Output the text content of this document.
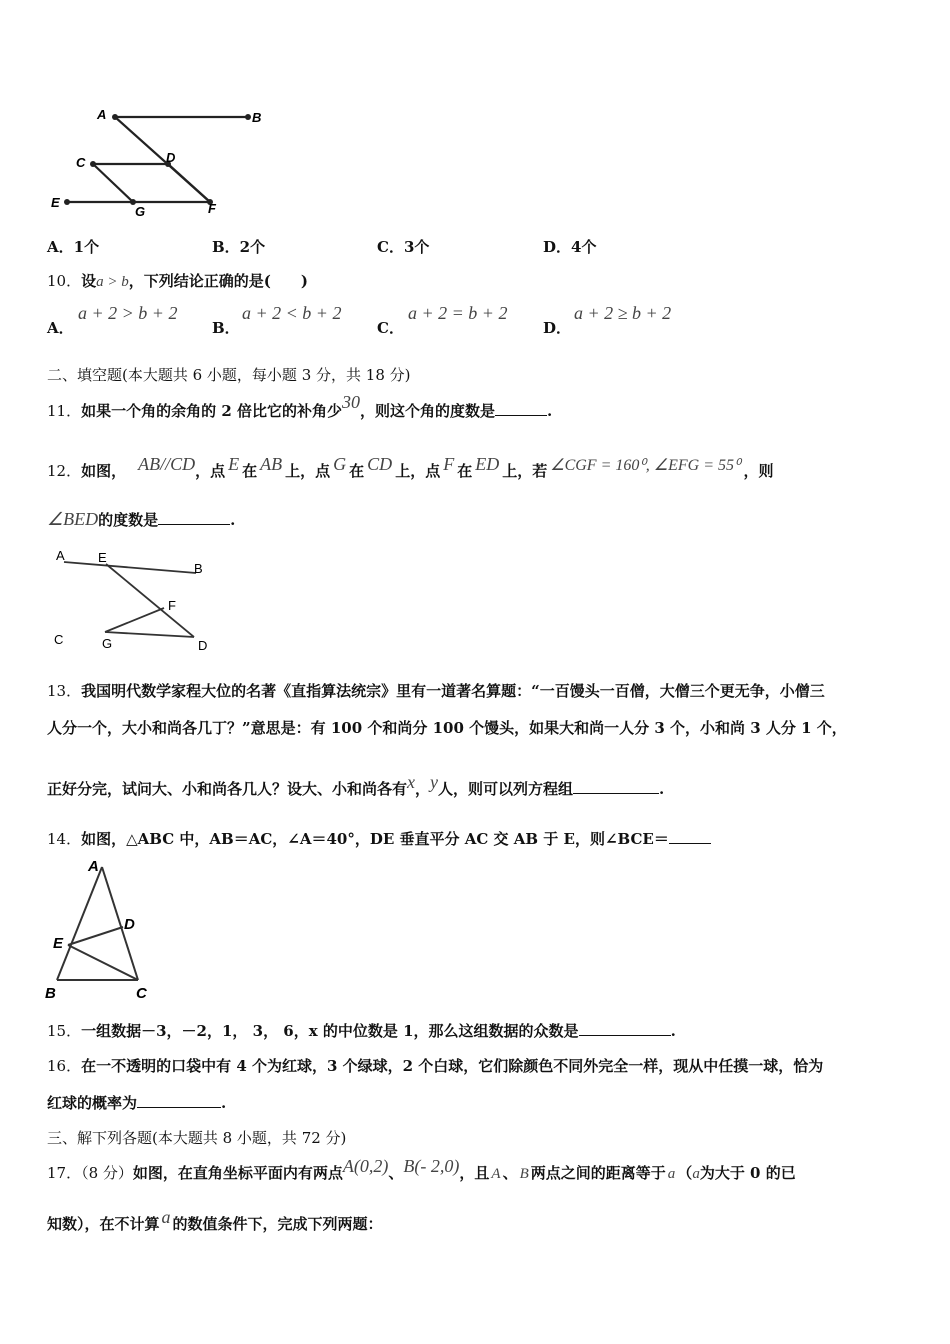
A	B
C	D
E
G	F
A．1个	B．2个	C．3个	D．4个
10．设a > b，下列结论正确的是(　　)
A．
a + 2 > b + 2
B．
a + 2 < b + 2
C．
a + 2 = b + 2
D．
a + 2 ≥ b + 2
二、填空题(本大题共 6 小题，每小题 3 分，共 18 分)
11．如果一个角的余角的 2 倍比它的补角少30，则这个角的度数是	.
12．如图， AB//CD，点 E 在 AB 上，点 G 在 CD 上，点 F 在 ED 上，若 ∠CGF = 160⁰, ∠EFG = 55⁰ ，则
∠BED的度数是	.
A	E
B
F
C	G	D
13．我国明代数学家程大位的名著《直指算法统宗》里有一道著名算题：“一百馒头一百僧，大僧三个更无争，小僧三
人分一个，大小和尚各几丁？”意思是：有 100 个和尚分 100 个馒头，如果大和尚一人分 3 个，小和尚 3 人分 1 个，
正好分完，试问大、小和尚各几人？设大、小和尚各有x，y人，则可以列方程组	.
14．如图，△ABC 中，AB＝AC，∠A＝40°，DE 垂直平分 AC 交 AB 于 E，则∠BCE＝
A
D
E
B	C
15．一组数据－3，－2，1， 3， 6，x 的中位数是 1，那么这组数据的众数是	.
16．在一不透明的口袋中有 4 个为红球，3 个绿球，2 个白球，它们除颜色不同外完全一样，现从中任摸一球，恰为
红球的概率为	.
三、解下列各题(本大题共 8 小题，共 72 分)
17．（8 分）如图，在直角坐标平面内有两点A(0,2)、B(- 2,0)，且 A 、 B 两点之间的距离等于 a （a为大于 0 的已
知数），在不计算 a 的数值条件下，完成下列两题：
